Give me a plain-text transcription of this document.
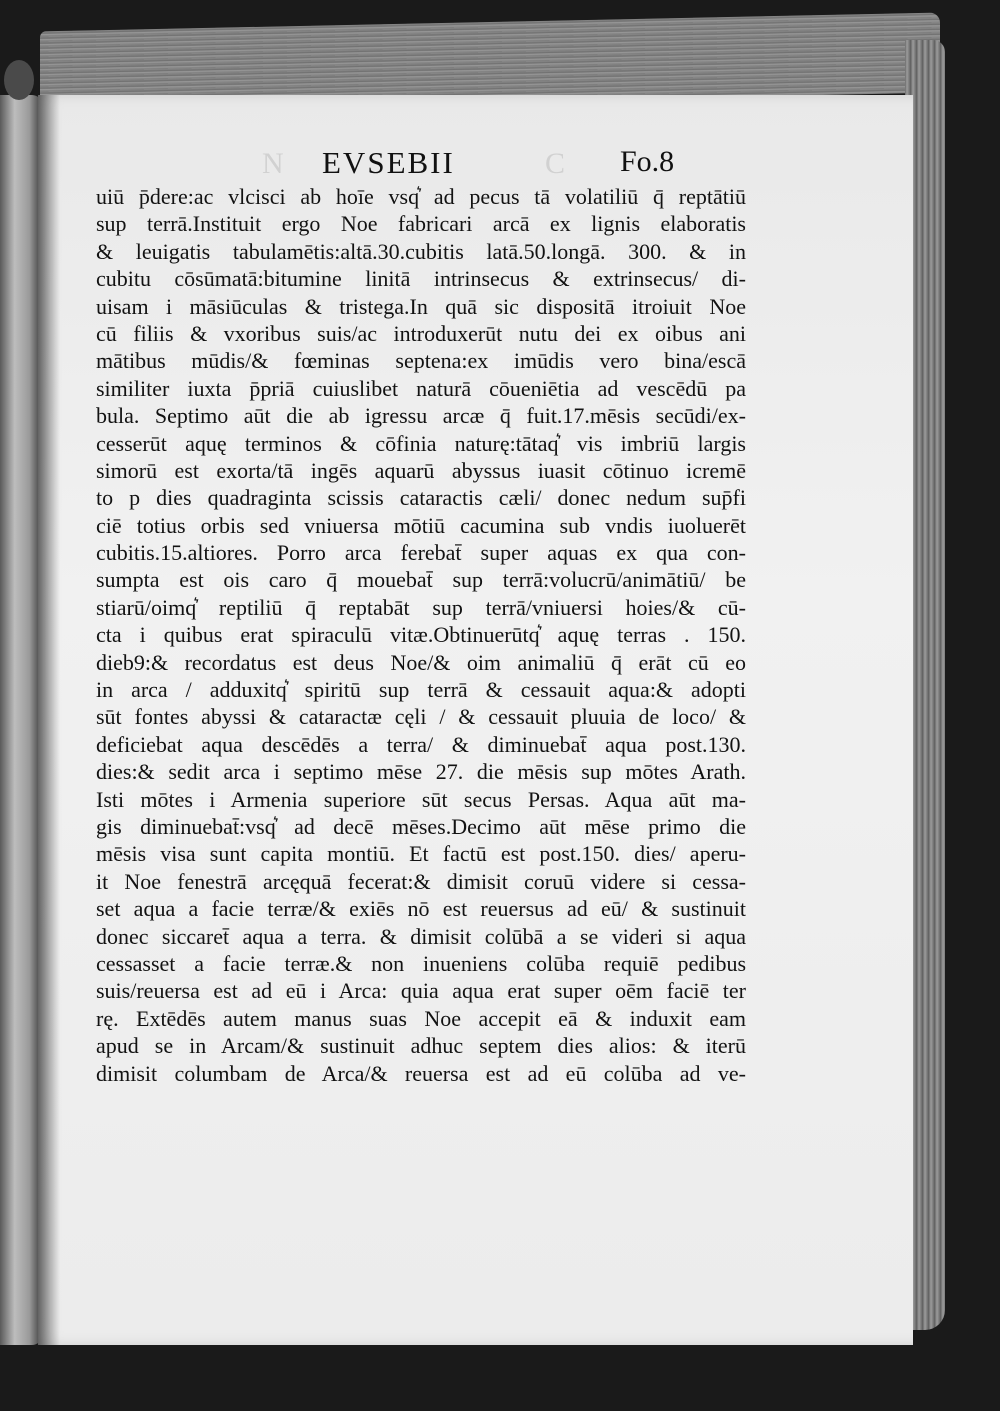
N EVSEBII	C Fo.8
uiū p̄dere:ac vlcisci ab hoīe vsq͛ ad pecus tā volatiliū q̄ reptātiū
sup terrā.Instituit ergo Noe fabricari arcā ex lignis elaboratis
& leuigatis tabulamētis:altā.30.cubitis latā.50.longā. 300. & in
cubitu cōsūmatā:bitumine linitā intrinsecus & extrinsecus/ di-
uisam i māsiūculas & tristega.In quā sic dispositā itroiuit Noe
cū filiis & vxoribus suis/ac introduxerūt nutu dei ex oibus ani
mātibus mūdis/& fœminas septena:ex imūdis vero bina/escā
similiter iuxta p̄priā cuiuslibet naturā cōueniētia ad vescēdū pa
bula. Septimo aūt die ab igressu arcæ q̄ fuit.17.mēsis secūdi/ex-
cesserūt aquę terminos & cōfinia naturę:tātaq͛ vis imbriū largis
simorū est exorta/tā ingēs aquarū abyssus iuasit cōtinuo icremē
to p dies quadraginta scissis cataractis cæli/ donec nedum sup̄fi
ciē totius orbis sed vniuersa mōtiū cacumina sub vndis iuoluerēt
cubitis.15.altiores. Porro arca ferebat̄ super aquas ex qua con-
sumpta est ois caro q̄ mouebat̄ sup terrā:volucrū/animātiū/ be
stiarū/oimq͛ reptiliū q̄ reptabāt sup terrā/vniuersi hoies/& cū-
cta i quibus erat spiraculū vitæ.Obtinuerūtq͛ aquę terras . 150.
dieb9:& recordatus est deus Noe/& oim animaliū q̄ erāt cū eo
in arca / adduxitq͛ spiritū sup terrā & cessauit aqua:& adopti
sūt fontes abyssi & cataractæ cęli / & cessauit pluuia de loco/ &
deficiebat aqua descēdēs a terra/ & diminuebat̄ aqua post.130.
dies:& sedit arca i septimo mēse 27. die mēsis sup mōtes Arath.
Isti mōtes i Armenia superiore sūt secus Persas. Aqua aūt ma-
gis diminuebat̄:vsq͛ ad decē mēses.Decimo aūt mēse primo die
mēsis visa sunt capita montiū. Et factū est post.150. dies/ aperu-
it Noe fenestrā arcęquā fecerat:& dimisit coruū videre si cessa-
set aqua a facie terræ/& exiēs nō est reuersus ad eū/ & sustinuit
donec siccaret̄ aqua a terra. & dimisit colūbā a se videri si aqua
cessasset a facie terræ.& non inueniens colūba requiē pedibus
suis/reuersa est ad eū i Arca: quia aqua erat super oēm faciē ter
rę. Extēdēs autem manus suas Noe accepit eā & induxit eam
apud se in Arcam/& sustinuit adhuc septem dies alios: & iterū
dimisit columbam de Arca/& reuersa est ad eū colūba ad ve-
